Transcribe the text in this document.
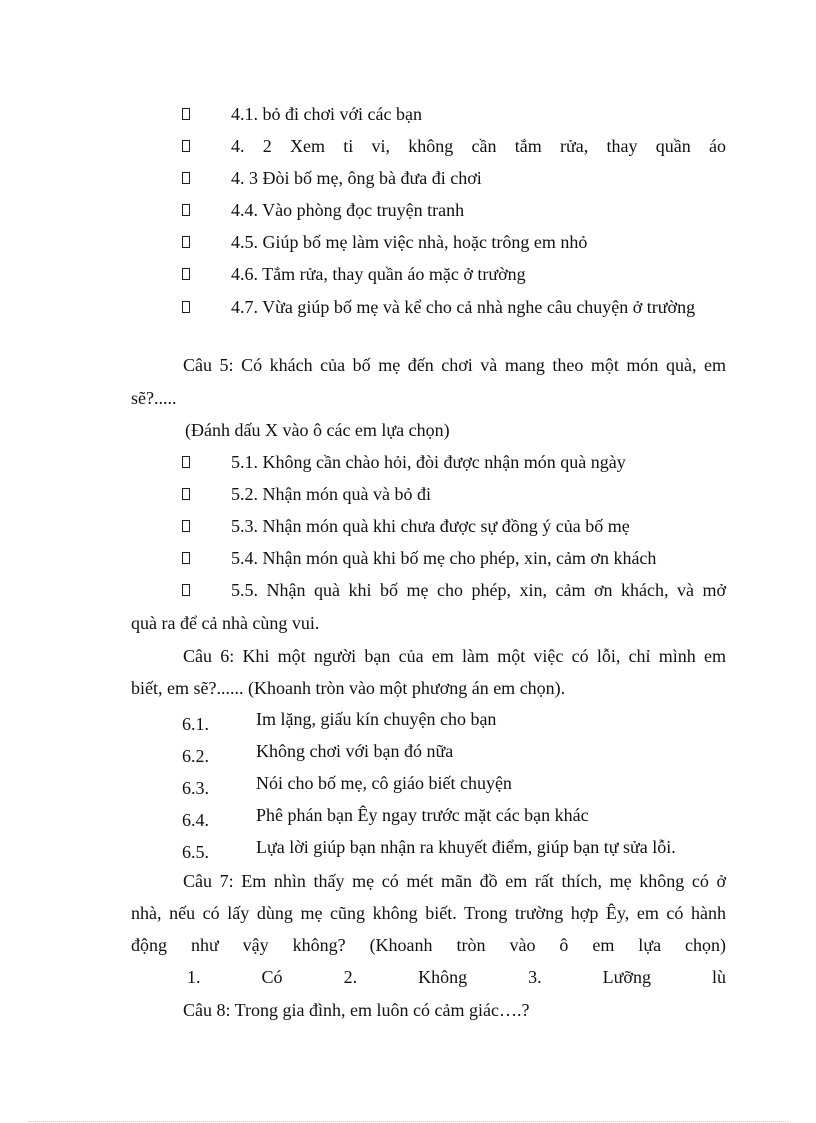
4.1. bỏ đi chơi với các bạn
4. 2 Xem ti vi, không cần tắm rửa, thay quần áo
4. 3 Đòi bố mẹ, ông bà đưa đi chơi
4.4. Vào phòng đọc truyện tranh
4.5. Giúp bố mẹ làm việc nhà, hoặc trông em nhỏ
4.6. Tắm rửa, thay quần áo mặc ở trường
4.7. Vừa giúp bố mẹ và kể cho cả nhà nghe câu chuyện ở trường
Câu 5: Có khách của bố mẹ đến chơi và mang theo một món quà, em
sẽ?.....
(Đánh dấu X vào ô các em lựa chọn)
5.1. Không cần chào hỏi, đòi được nhận món quà ngày
5.2. Nhận món quà và bỏ đi
5.3. Nhận món quà khi chưa được sự đồng ý của bố mẹ
5.4. Nhận món quà khi bố mẹ cho phép, xin, cảm ơn khách
5.5. Nhận quà khi bố mẹ cho phép, xin, cảm ơn khách, và mở
quà ra để cả nhà cùng vui.
Câu 6: Khi một người bạn của em làm một việc có lỗi, chỉ mình em
biết, em sẽ?...... (Khoanh tròn vào một phương án em chọn).
6.1.	Im lặng, giấu kín chuyện cho bạn
6.2.	Không chơi với bạn đó nữa
6.3.	Nói cho bố mẹ, cô giáo biết chuyện
6.4.	Phê phán bạn Êy ngay trước mặt các bạn khác
6.5.	Lựa lời giúp bạn nhận ra khuyết điểm, giúp bạn tự sửa lỗi.
Câu 7: Em nhìn thấy mẹ có mét mãn đồ em rất thích, mẹ không có ở
nhà, nếu có lấy dùng mẹ cũng không biết. Trong trường hợp Êy, em có hành
động như vậy không? (Khoanh tròn vào ô em lựa chọn)
1.	Có	2.	Không	3.	Lưỡng	lù
Câu 8: Trong gia đình, em luôn có cảm giác….?
